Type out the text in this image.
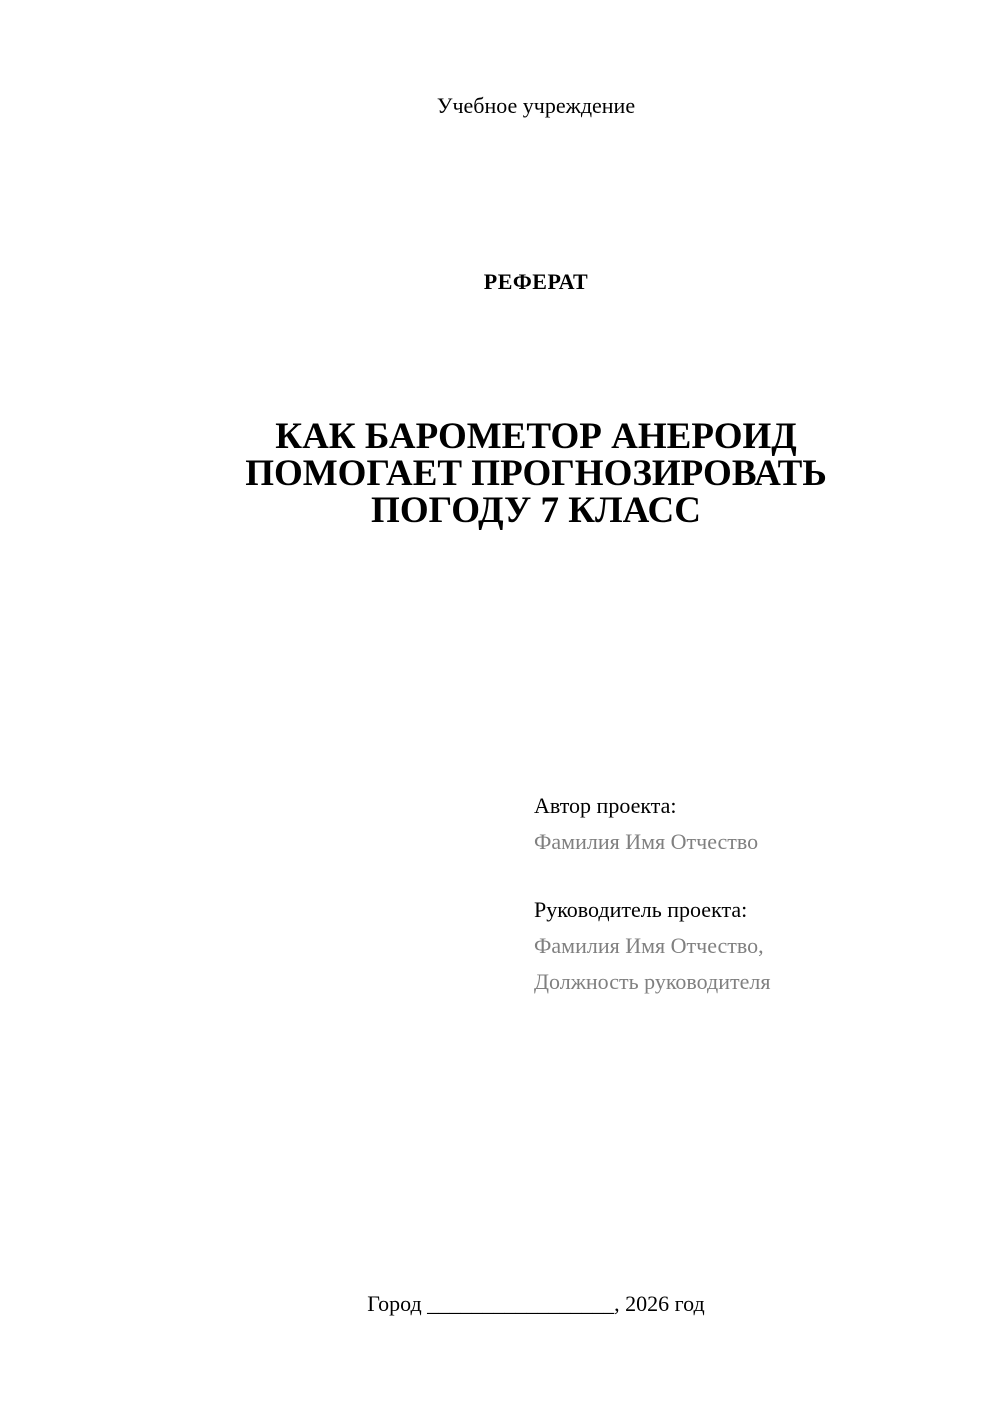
Учебное учреждение
РЕФЕРАТ
КАК БАРОМЕТОР АНЕРОИД
ПОМОГАЕТ ПРОГНОЗИРОВАТЬ
ПОГОДУ 7 КЛАСС
Автор проекта:
Фамилия Имя Отчество
Руководитель проекта:
Фамилия Имя Отчество,
Должность руководителя
Город _________________, 2026 год
